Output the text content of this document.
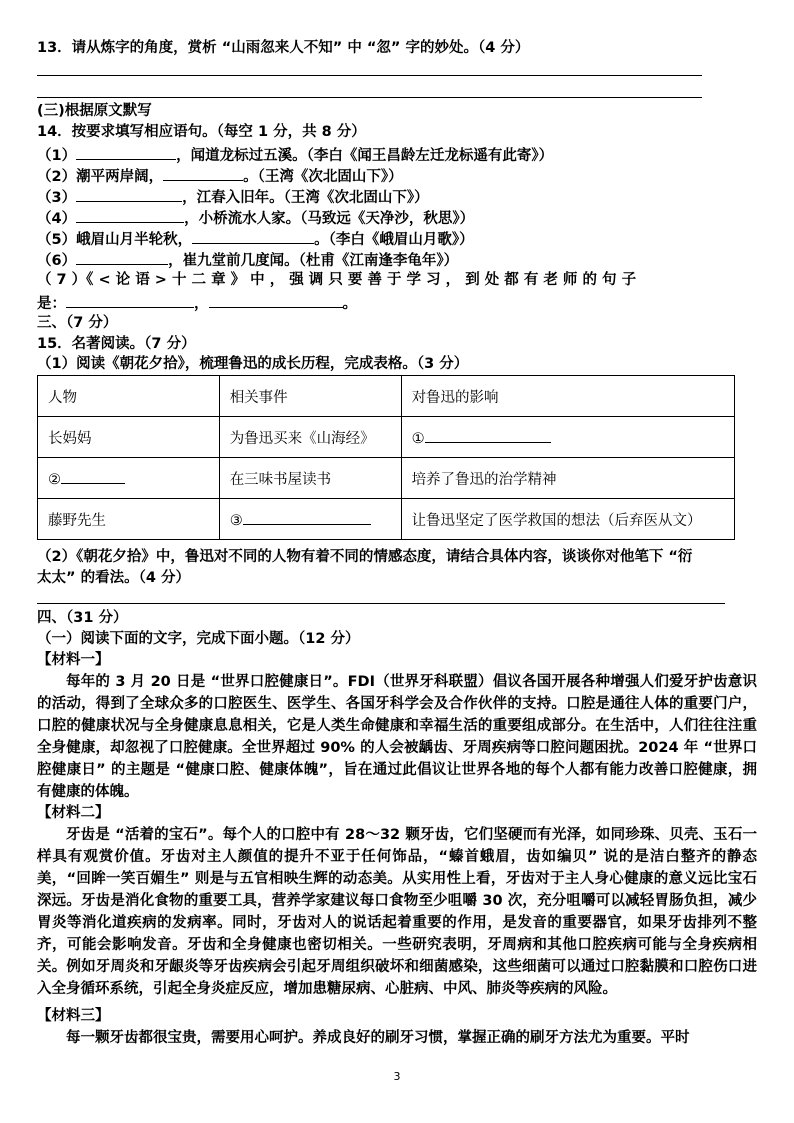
13．请从炼字的角度，赏析 “山雨忽来人不知” 中 “忽” 字的妙处。（4 分）
(三)根据原文默写
14．按要求填写相应语句。（每空 1 分，共 8 分）
（1）	，闻道龙标过五溪。（李白《闻王昌龄左迁龙标遥有此寄》）
（2）潮平两岸阔，	。（王湾《次北固山下》）
（3）	，江春入旧年。（王湾《次北固山下》）
（4）	，小桥流水人家。（马致远《天净沙，秋思》）
（5）峨眉山月半轮秋，	。（李白《峨眉山月歌》）
（6）	，崔九堂前几度闻。（杜甫《江南逢李龟年》）
（ 7 ）《 < 论 语 > 十 二 章 》 中 ， 强 调 只 要 善 于 学 习 ， 到 处 都 有 老 师 的 句 子
是：	，	。
三、（7 分）
15．名著阅读。（7 分）
（1）阅读《朝花夕拾》，梳理鲁迅的成长历程，完成表格。（3 分）
人物	相关事件	对鲁迅的影响
长妈妈	为鲁迅买来《山海经》	①
②	在三味书屋读书	培养了鲁迅的治学精神
藤野先生	③	让鲁迅坚定了医学救国的想法（后弃医从文）
（2）《朝花夕拾》中，鲁迅对不同的人物有着不同的情感态度，请结合具体内容，谈谈你对他笔下 “衍
太太” 的看法。（4 分）
四、（31 分）
（一）阅读下面的文字，完成下面小题。（12 分）
【材料一】

每年的 3 月 20 日是 “世界口腔健康日”。FDI（世界牙科联盟）倡议各国开展各种增强人们爱牙护齿意识的活动，得到了全球众多的口腔医生、医学生、各国牙科学会及合作伙伴的支持。口腔是通往人体的重要门户，口腔的健康状况与全身健康息息相关，它是人类生命健康和幸福生活的重要组成部分。在生活中，人们往往注重全身健康，却忽视了口腔健康。全世界超过 90% 的人会被龋齿、牙周疾病等口腔问题困扰。2024 年 “世界口腔健康日” 的主题是 “健康口腔、健康体魄”，旨在通过此倡议让世界各地的每个人都有能力改善口腔健康，拥有健康的体魄。

【材料二】

牙齿是 “活着的宝石”。每个人的口腔中有 28～32 颗牙齿，它们坚硬而有光泽，如同珍珠、贝壳、玉石一样具有观赏价值。牙齿对主人颜值的提升不亚于任何饰品，“螓首蛾眉，齿如编贝” 说的是洁白整齐的静态美，“回眸一笑百媚生” 则是与五官相映生辉的动态美。从实用性上看，牙齿对于主人身心健康的意义远比宝石深远。牙齿是消化食物的重要工具，营养学家建议每口食物至少咀嚼 30 次，充分咀嚼可以减轻胃肠负担，减少胃炎等消化道疾病的发病率。同时，牙齿对人的说话起着重要的作用，是发音的重要器官，如果牙齿排列不整齐，可能会影响发音。牙齿和全身健康也密切相关。一些研究表明，牙周病和其他口腔疾病可能与全身疾病相关。例如牙周炎和牙龈炎等牙齿疾病会引起牙周组织破坏和细菌感染，这些细菌可以通过口腔黏膜和口腔伤口进入全身循环系统，引起全身炎症反应，增加患糖尿病、心脏病、中风、肺炎等疾病的风险。

【材料三】

每一颗牙齿都很宝贵，需要用心呵护。养成良好的刷牙习惯，掌握正确的刷牙方法尤为重要。平时

3
